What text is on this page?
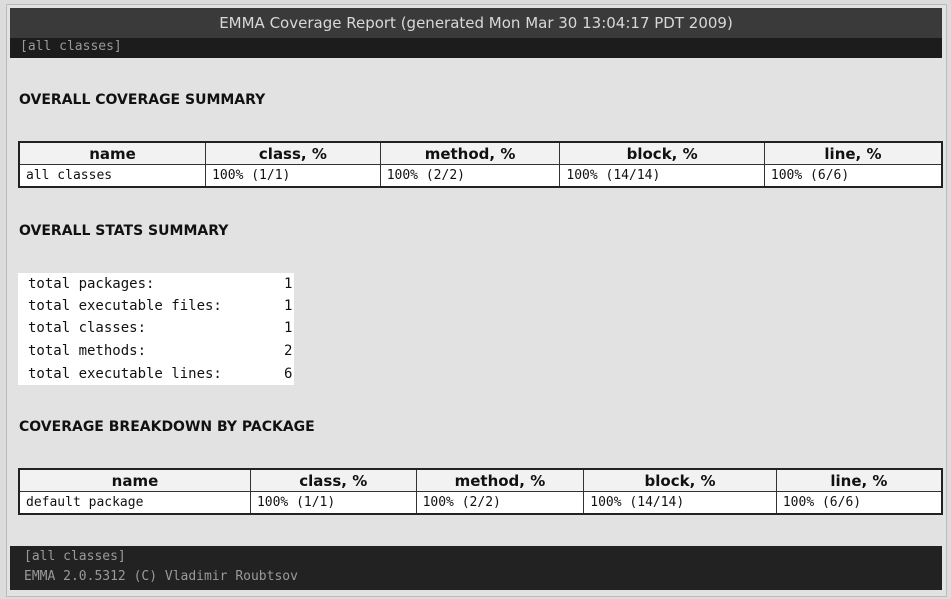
EMMA Coverage Report (generated Mon Mar 30 13:04:17 PDT 2009)
[all classes]
OVERALL COVERAGE SUMMARY
name	class, %	method, %	block, %	line, %
all classes	100% (1/1)	100% (2/2)	100% (14/14)	100% (6/6)
OVERALL STATS SUMMARY
total packages:	1
total executable files:	1
total classes:	1
total methods:	2
total executable lines:	6
COVERAGE BREAKDOWN BY PACKAGE
name	class, %	method, %	block, %	line, %
default package	100% (1/1)	100% (2/2)	100% (14/14)	100% (6/6)
[all classes]
EMMA 2.0.5312 (C) Vladimir Roubtsov
